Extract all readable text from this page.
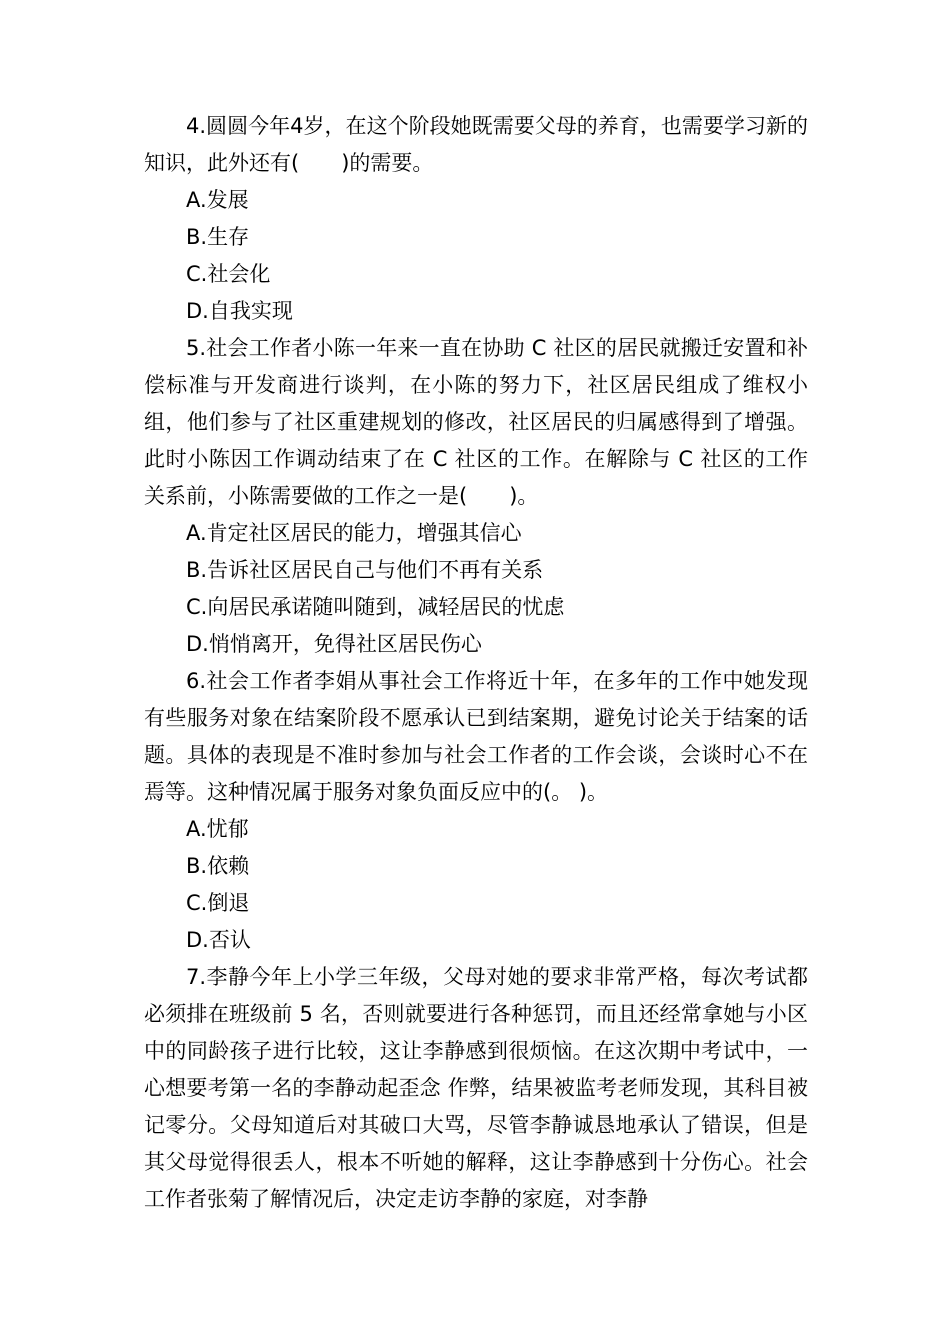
4.圆圆今年4岁，在这个阶段她既需要父母的养育，也需要学习新的知识，此外还有(　　)的需要。

A.发展

B.生存

C.社会化

D.自我实现

5.社会工作者小陈一年来一直在协助 C 社区的居民就搬迁安置和补偿标准与开发商进行谈判，在小陈的努力下，社区居民组成了维权小组，他们参与了社区重建规划的修改，社区居民的归属感得到了增强。此时小陈因工作调动结束了在 C 社区的工作。在解除与 C 社区的工作关系前，小陈需要做的工作之一是(　　)。

A.肯定社区居民的能力，增强其信心

B.告诉社区居民自己与他们不再有关系

C.向居民承诺随叫随到，减轻居民的忧虑

D.悄悄离开，免得社区居民伤心

6.社会工作者李娟从事社会工作将近十年，在多年的工作中她发现有些服务对象在结案阶段不愿承认已到结案期，避免讨论关于结案的话题。具体的表现是不准时参加与社会工作者的工作会谈，会谈时心不在焉等。这种情况属于服务对象负面反应中的(。 )。

A.忧郁

B.依赖

C.倒退

D.否认

7.李静今年上小学三年级，父母对她的要求非常严格，每次考试都必须排在班级前 5 名，否则就要进行各种惩罚，而且还经常拿她与小区中的同龄孩子进行比较，这让李静感到很烦恼。在这次期中考试中，一心想要考第一名的李静动起歪念 作弊，结果被监考老师发现，其科目被记零分。父母知道后对其破口大骂，尽管李静诚恳地承认了错误，但是其父母觉得很丢人，根本不听她的解释，这让李静感到十分伤心。社会工作者张菊了解情况后，决定走访李静的家庭，对李静
